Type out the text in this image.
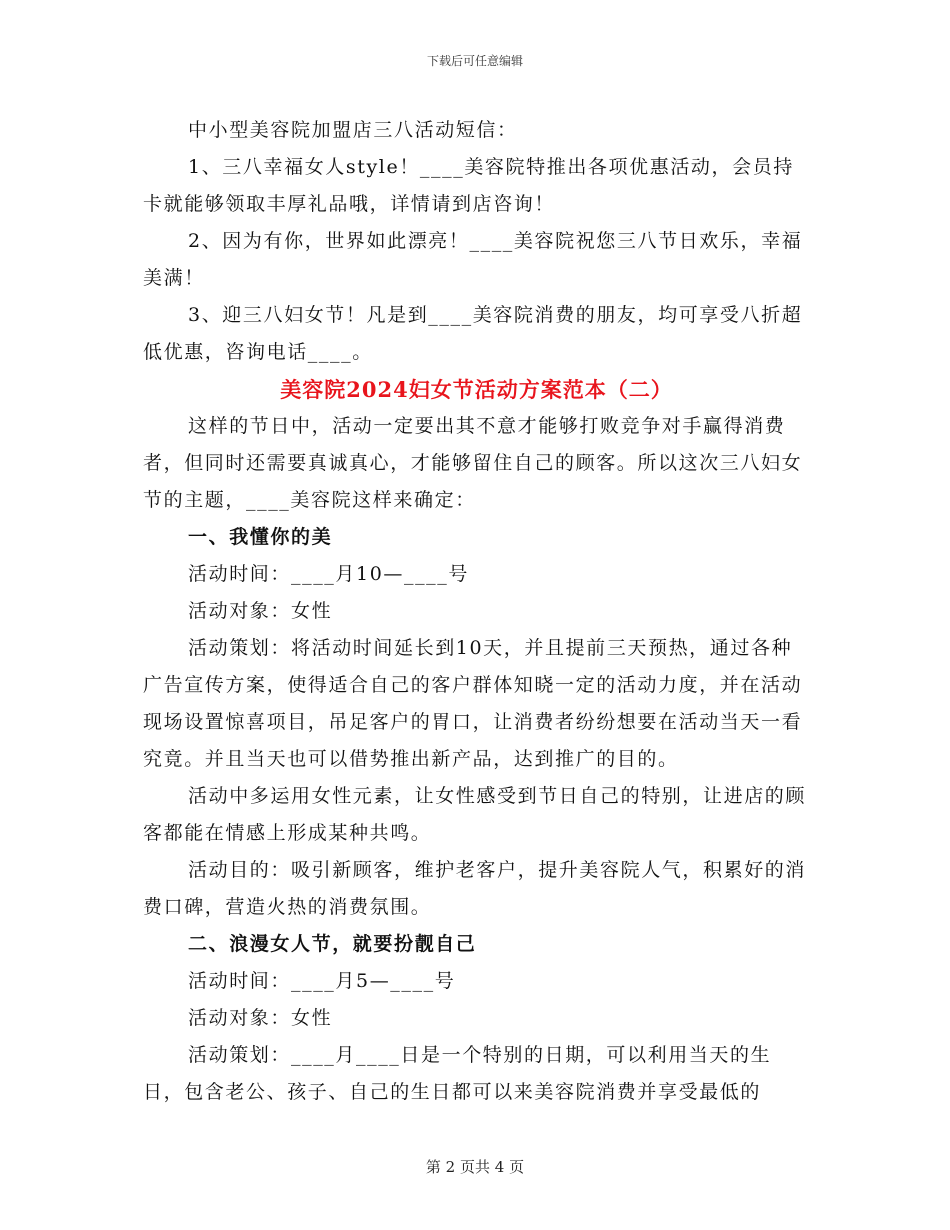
下载后可任意编辑

中小型美容院加盟店三八活动短信：

1、三八幸福女人style！____美容院特推出各项优惠活动，会员持卡就能够领取丰厚礼品哦，详情请到店咨询！

2、因为有你，世界如此漂亮！____美容院祝您三八节日欢乐，幸福美满！

3、迎三八妇女节！凡是到____美容院消费的朋友，均可享受八折超低优惠，咨询电话____。

美容院2024妇女节活动方案范本（二）

这样的节日中，活动一定要出其不意才能够打败竞争对手赢得消费者，但同时还需要真诚真心，才能够留住自己的顾客。所以这次三八妇女节的主题，____美容院这样来确定：

一、我懂你的美

活动时间：____月10—____号

活动对象：女性

活动策划：将活动时间延长到10天，并且提前三天预热，通过各种广告宣传方案，使得适合自己的客户群体知晓一定的活动力度，并在活动现场设置惊喜项目，吊足客户的胃口，让消费者纷纷想要在活动当天一看究竟。并且当天也可以借势推出新产品，达到推广的目的。

活动中多运用女性元素，让女性感受到节日自己的特别，让进店的顾客都能在情感上形成某种共鸣。

活动目的：吸引新顾客，维护老客户，提升美容院人气，积累好的消费口碑，营造火热的消费氛围。

二、浪漫女人节，就要扮靓自己

活动时间：____月5—____号

活动对象：女性

活动策划：____月____日是一个特别的日期，可以利用当天的生日，包含老公、孩子、自己的生日都可以来美容院消费并享受最低的

第 2 页共 4 页
